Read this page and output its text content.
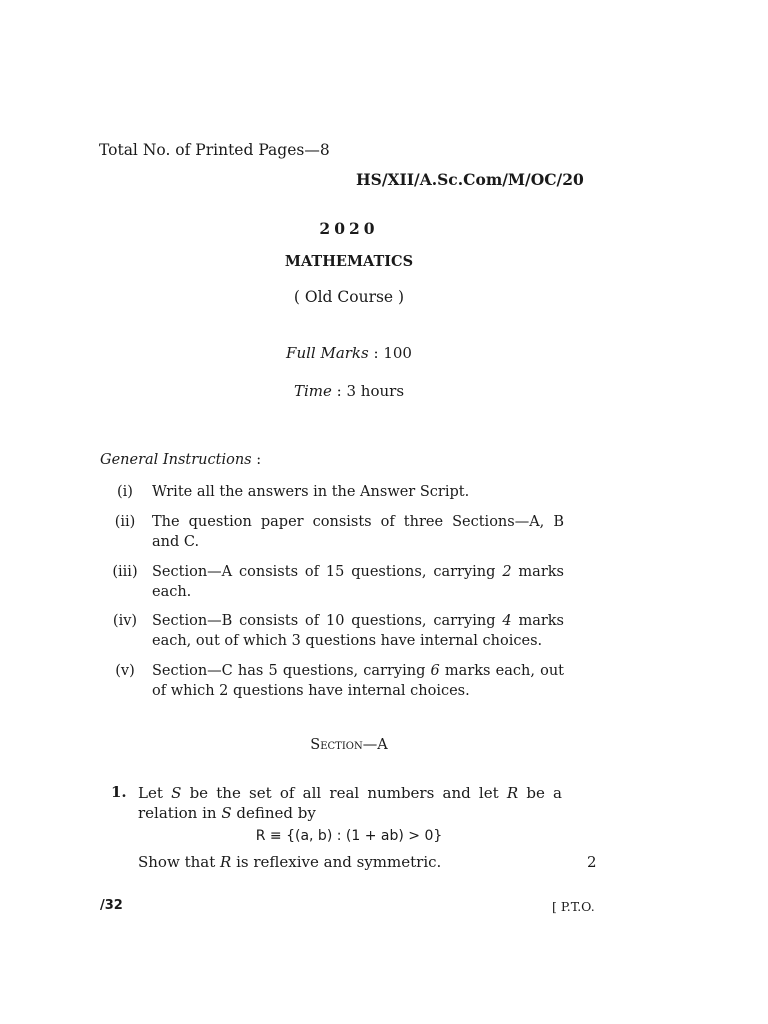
Total No. of Printed Pages—8
HS/XII/A.Sc.Com/M/OC/20
2020
MATHEMATICS
( Old Course )
Full Marks : 100
Time : 3 hours
General Instructions :
(i)	Write all the answers in the Answer Script.
(ii)	The question paper consists of three Sections—A, B and C.
(iii) Section—A consists of 15 questions, carrying 2 marks each.
(iv)	Section—B consists of 10 questions, carrying 4 marks each, out of which 3 questions have internal choices.
(v)	Section—C has 5 questions, carrying 6 marks each, out of which 2 questions have internal choices.
Section—A
1. Let S be the set of all real numbers and let R be a relation in S defined by
R ≡ {(a, b) : (1 + ab) > 0}
Show that R is reflexive and symmetric.	2
/32	[ P.T.O.
